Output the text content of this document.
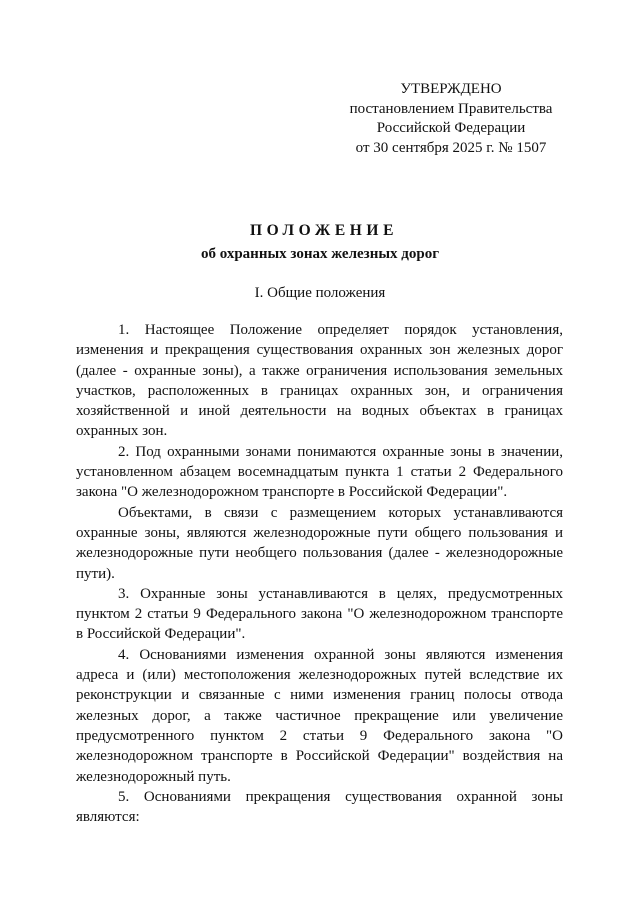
УТВЕРЖДЕНО
постановлением Правительства
Российской Федерации
от 30 сентября 2025 г. № 1507
ПОЛОЖЕНИЕ
об охранных зонах железных дорог
I. Общие положения

1. Настоящее Положение определяет порядок установления, изменения и прекращения существования охранных зон железных дорог (далее - охранные зоны), а также ограничения использования земельных участков, расположенных в границах охранных зон, и ограничения хозяйственной и иной деятельности на водных объектах в границах охранных зон.

2. Под охранными зонами понимаются охранные зоны в значении, установленном абзацем восемнадцатым пункта 1 статьи 2 Федерального закона "О железнодорожном транспорте в Российской Федерации".

Объектами, в связи с размещением которых устанавливаются охранные зоны, являются железнодорожные пути общего пользования и железнодорожные пути необщего пользования (далее - железнодорожные пути).

3. Охранные зоны устанавливаются в целях, предусмотренных пунктом 2 статьи 9 Федерального закона "О железнодорожном транспорте в Российской Федерации".

4. Основаниями изменения охранной зоны являются изменения адреса и (или) местоположения железнодорожных путей вследствие их реконструкции и связанные с ними изменения границ полосы отвода железных дорог, а также частичное прекращение или увеличение предусмотренного пунктом 2 статьи 9 Федерального закона "О железнодорожном транспорте в Российской Федерации" воздействия на железнодорожный путь.

5. Основаниями прекращения существования охранной зоны являются:
